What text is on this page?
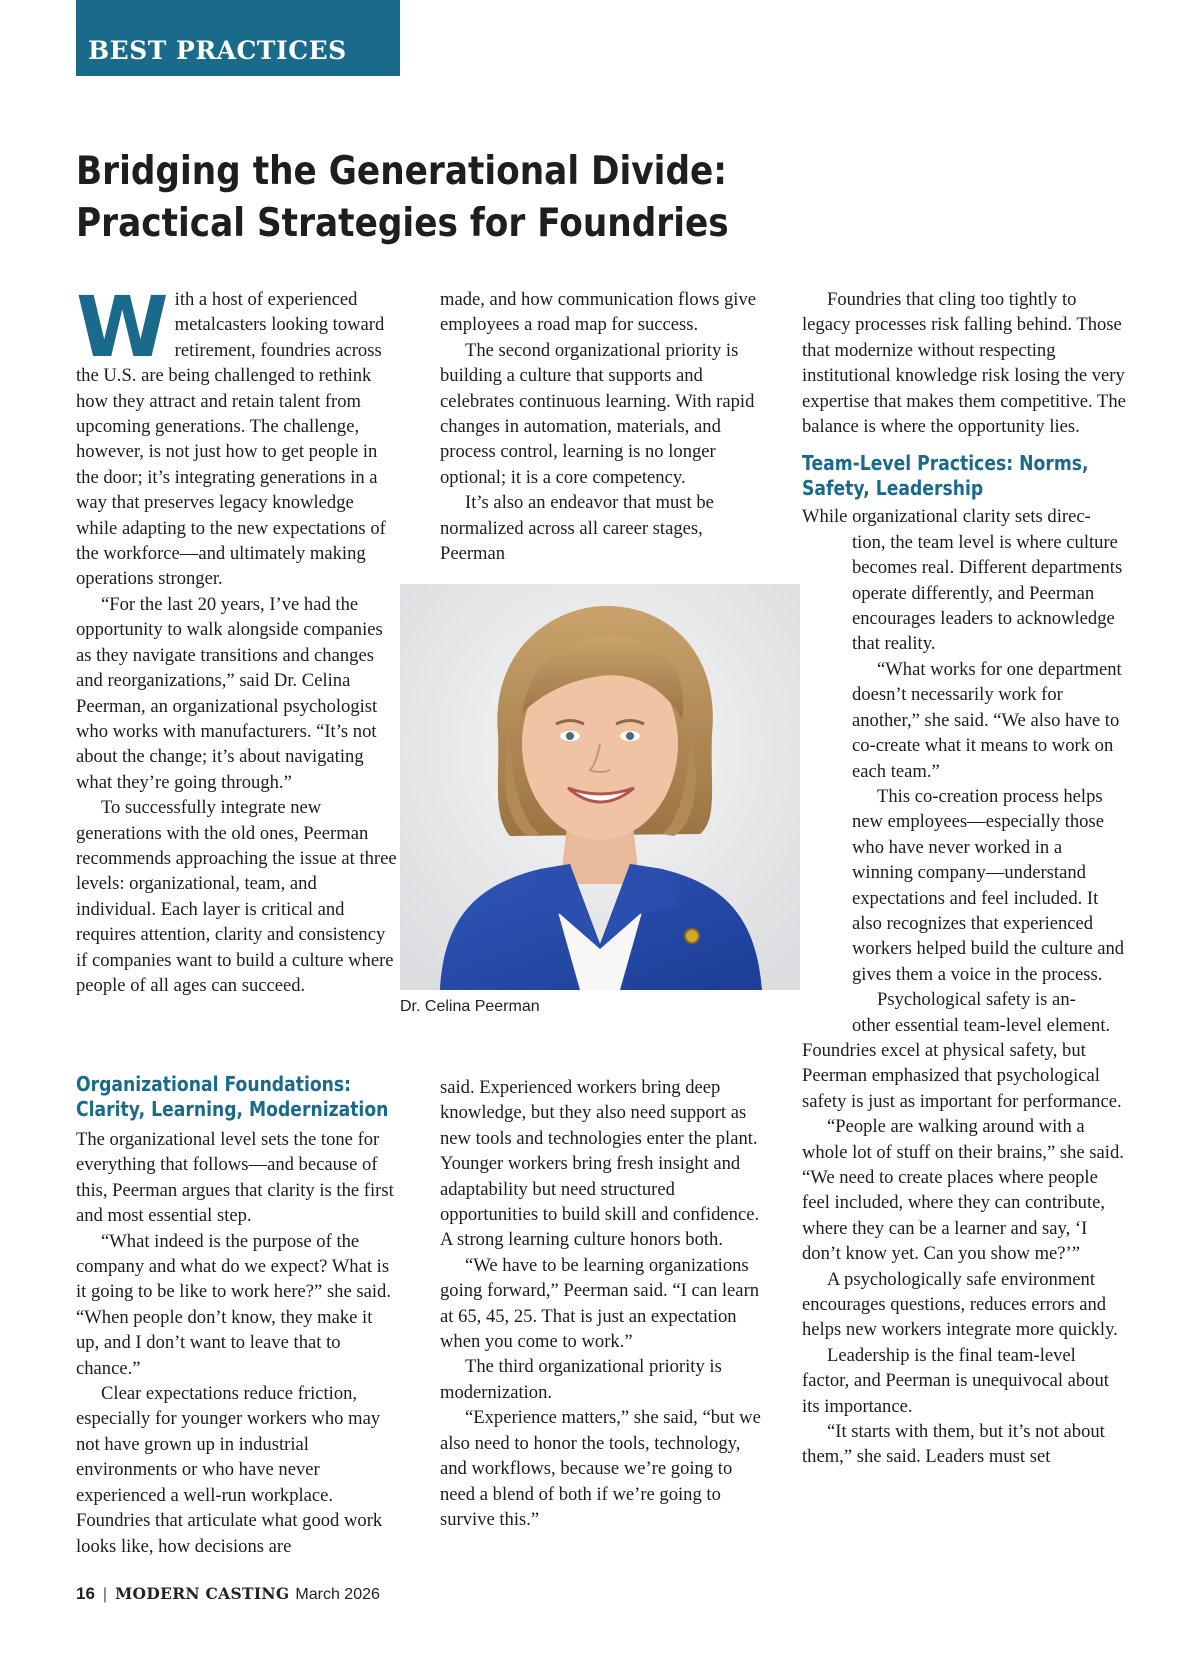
BEST PRACTICES
Bridging the Generational Divide:
Practical Strategies for Foundries

With a host of experienced metalcasters looking toward retirement, foundries across the U.S. are being challenged to rethink how they attract and retain talent from upcoming generations. The challenge, however, is not just how to get people in the door; it’s integrating generations in a way that preserves legacy knowledge while adapting to the new expectations of the workforce—and ultimately making operations stronger.

“For the last 20 years, I’ve had the opportunity to walk alongside companies as they navigate transitions and changes and reorganizations,” said Dr. Celina Peerman, an organizational psychologist who works with manufacturers. “It’s not about the change; it’s about navigating what they’re going through.”

To successfully integrate new generations with the old ones, Peerman recommends approaching the issue at three levels: organizational, team, and individual. Each layer is critical and requires attention, clarity and consistency if companies want to build a culture where people of all ages can succeed.

Organizational Foundations: Clarity, Learning, Modernization

The organizational level sets the tone for everything that follows—and because of this, Peerman argues that clarity is the first and most essential step.

“What indeed is the purpose of the company and what do we expect? What is it going to be like to work here?” she said. “When people don’t know, they make it up, and I don’t want to leave that to chance.”

Clear expectations reduce friction, especially for younger workers who may not have grown up in industrial environments or who have never experienced a well-run workplace. Foundries that articulate what good work looks like, how decisions are

made, and how communication flows give employees a road map for success.

The second organizational priority is building a culture that supports and celebrates continuous learning. With rapid changes in automation, materials, and process control, learning is no longer optional; it is a core competency.

It’s also an endeavor that must be normalized across all career stages, Peerman

Dr. Celina Peerman

said. Experienced workers bring deep knowledge, but they also need support as new tools and technologies enter the plant. Younger workers bring fresh insight and adaptability but need structured opportunities to build skill and confidence. A strong learning culture honors both.

“We have to be learning organizations going forward,” Peerman said. “I can learn at 65, 45, 25. That is just an expectation when you come to work.”

The third organizational priority is modernization.

“Experience matters,” she said, “but we also need to honor the tools, technology, and workflows, because we’re going to need a blend of both if we’re going to survive this.”

Foundries that cling too tightly to legacy processes risk falling behind. Those that modernize without respecting institutional knowledge risk losing the very expertise that makes them competitive. The balance is where the opportunity lies.

Team-Level Practices: Norms, Safety, Leadership

While organizational clarity sets direc-

tion, the team level is where culture becomes real. Different departments operate differently, and Peerman encourages leaders to acknowledge that reality.

“What works for one department doesn’t necessarily work for another,” she said. “We also have to co-create what it means to work on each team.”

This co-creation process helps new employees—especially those who have never worked in a winning company—understand expectations and feel included. It also recognizes that experienced workers helped build the culture and gives them a voice in the process.

Psychological safety is an-

other essential team-level element.

Foundries excel at physical safety, but Peerman emphasized that psychological safety is just as important for performance.

“People are walking around with a whole lot of stuff on their brains,” she said. “We need to create places where people feel included, where they can contribute, where they can be a learner and say, ‘I don’t know yet. Can you show me?’”

A psychologically safe environment encourages questions, reduces errors and helps new workers integrate more quickly.

Leadership is the final team-level factor, and Peerman is unequivocal about its importance.

“It starts with them, but it’s not about them,” she said. Leaders must set

16 | MODERN CASTING March 2026
